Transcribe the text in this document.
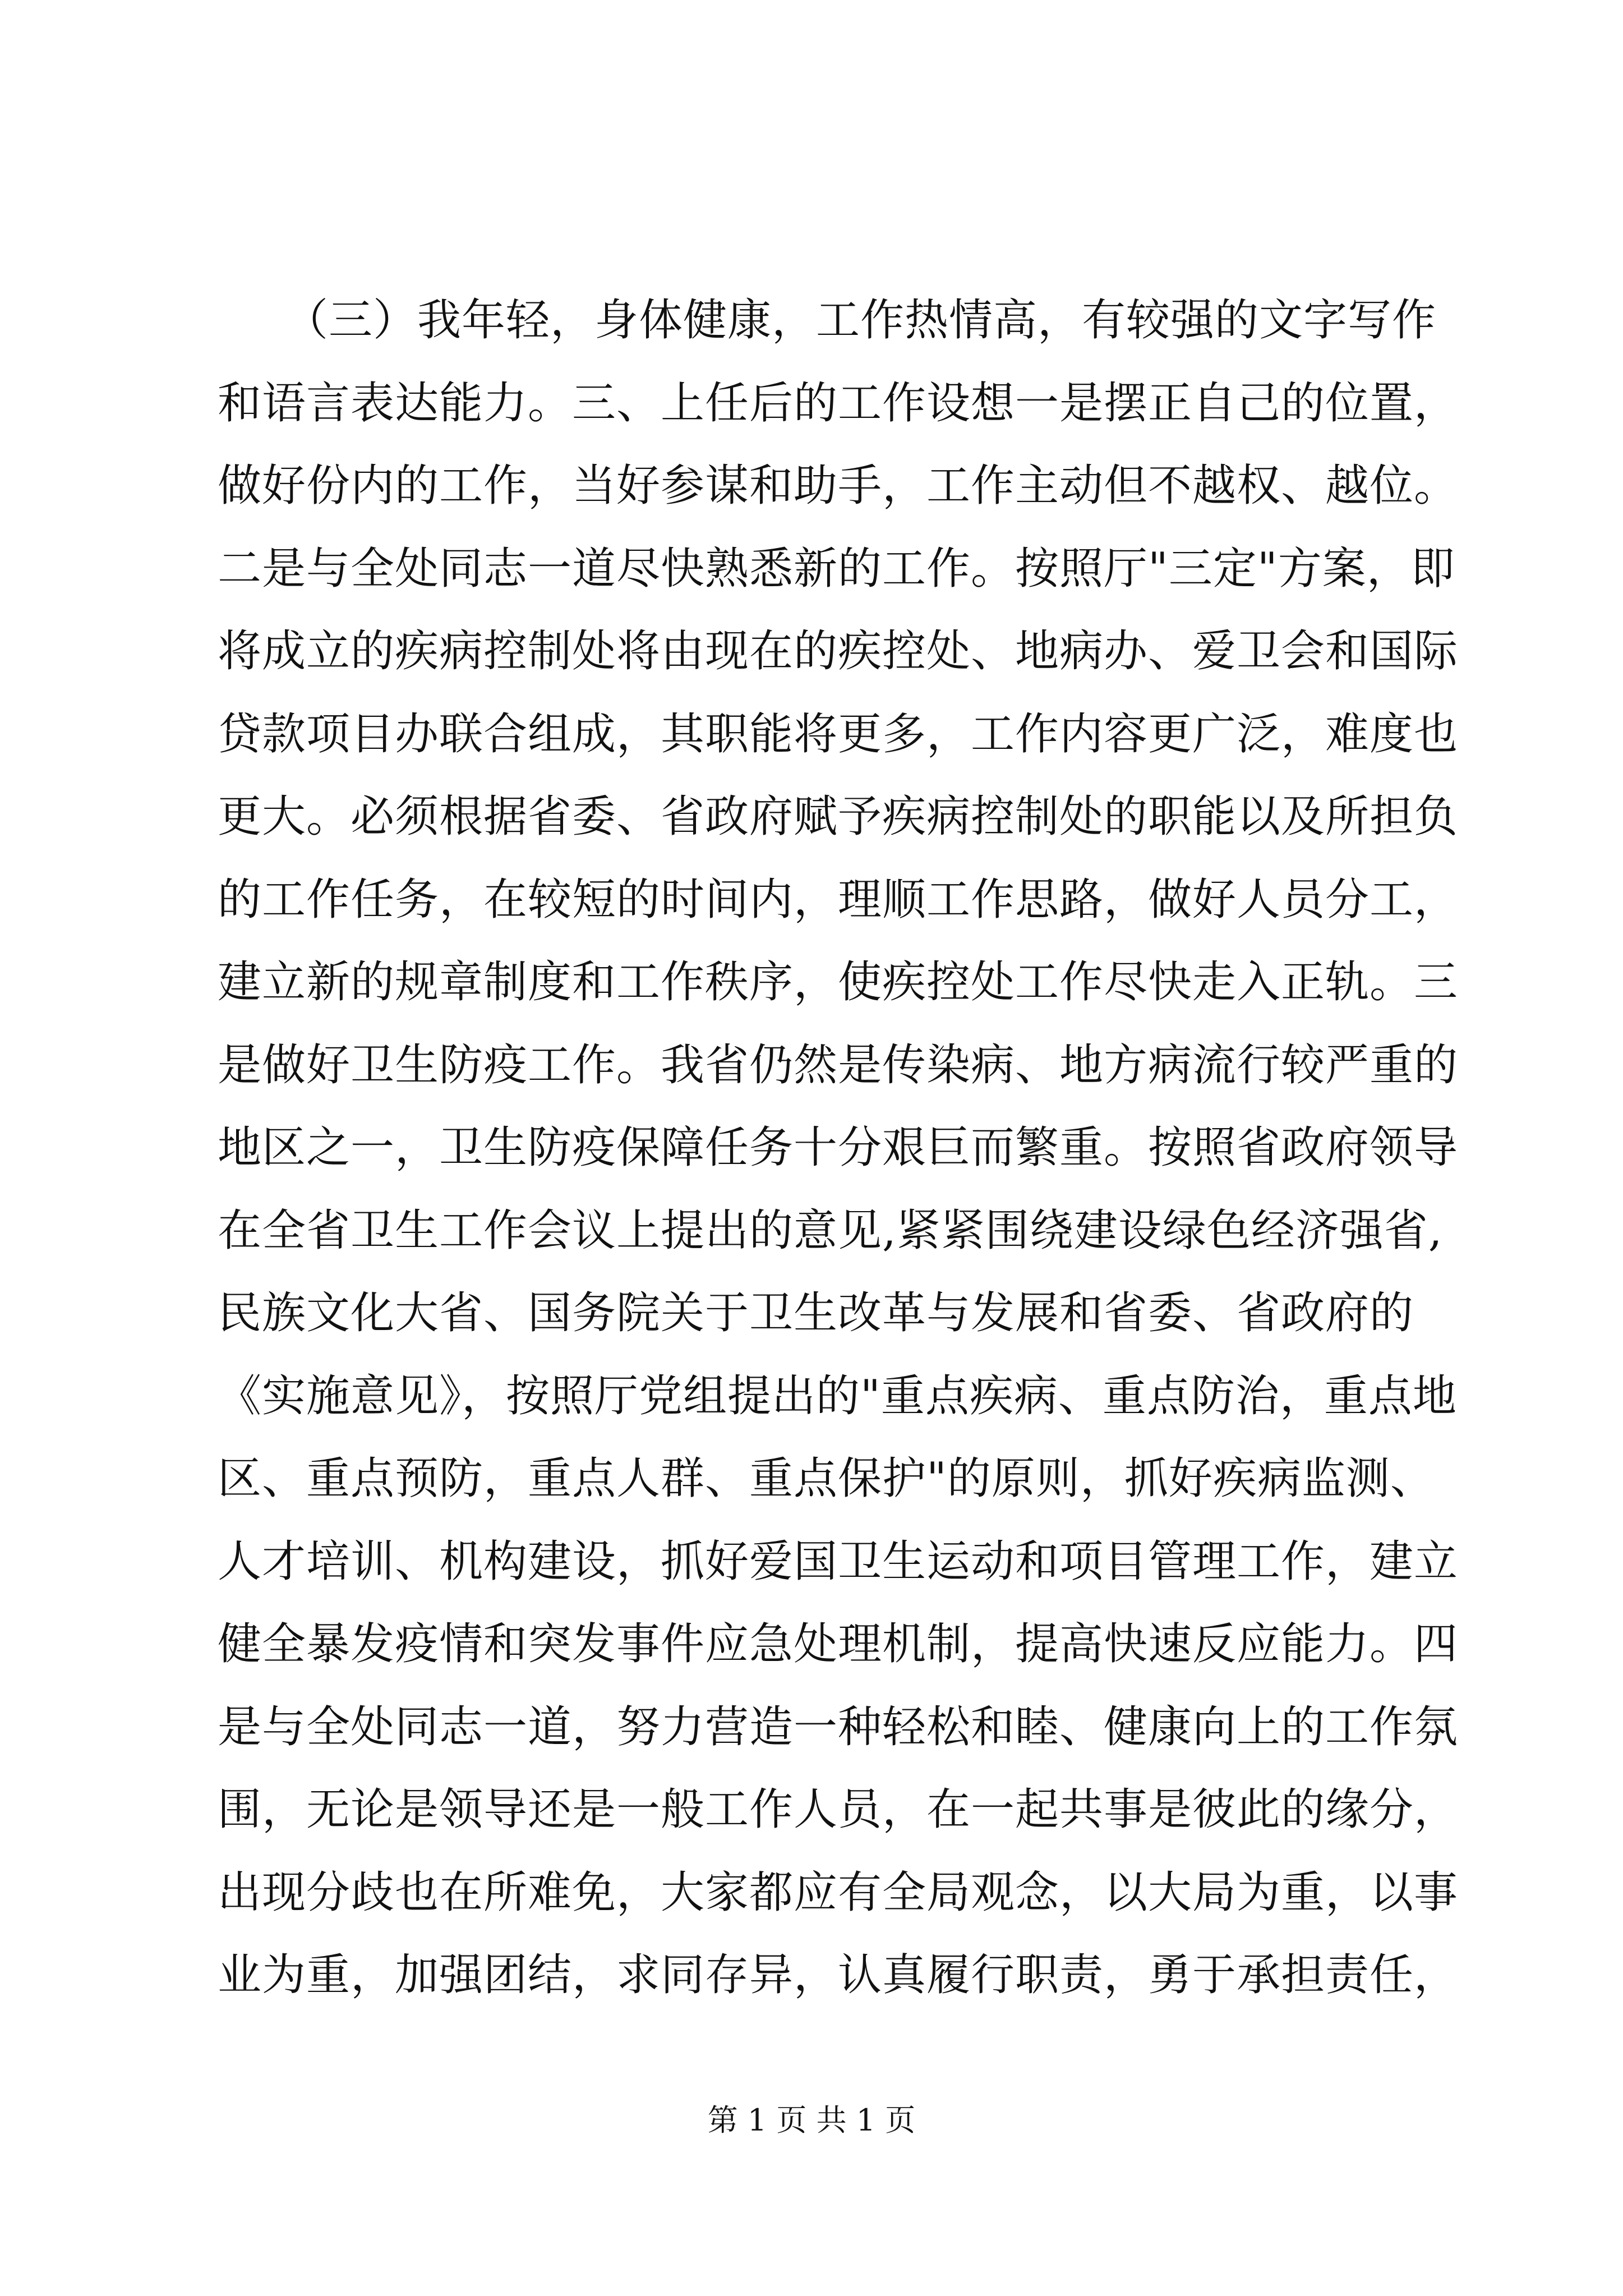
　　（三）我年轻，身体健康，工作热情高，有较强的文字写作
和语言表达能力。三、上任后的工作设想一是摆正自己的位置，
做好份内的工作，当好参谋和助手，工作主动但不越权、越位。
二是与全处同志一道尽快熟悉新的工作。按照厅"三定"方案，即
将成立的疾病控制处将由现在的疾控处、地病办、爱卫会和国际
贷款项目办联合组成，其职能将更多，工作内容更广泛，难度也
更大。必须根据省委、省政府赋予疾病控制处的职能以及所担负
的工作任务，在较短的时间内，理顺工作思路，做好人员分工，
建立新的规章制度和工作秩序，使疾控处工作尽快走入正轨。三
是做好卫生防疫工作。我省仍然是传染病、地方病流行较严重的
地区之一，卫生防疫保障任务十分艰巨而繁重。按照省政府领导
在全省卫生工作会议上提出的意见,紧紧围绕建设绿色经济强省,
民族文化大省、国务院关于卫生改革与发展和省委、省政府的
《实施意见》，按照厅党组提出的"重点疾病、重点防治，重点地
区、重点预防，重点人群、重点保护"的原则，抓好疾病监测、
人才培训、机构建设，抓好爱国卫生运动和项目管理工作，建立
健全暴发疫情和突发事件应急处理机制，提高快速反应能力。四
是与全处同志一道，努力营造一种轻松和睦、健康向上的工作氛
围，无论是领导还是一般工作人员，在一起共事是彼此的缘分，
出现分歧也在所难免，大家都应有全局观念，以大局为重，以事
业为重，加强团结，求同存异，认真履行职责，勇于承担责任，
第 1 页 共 1 页
